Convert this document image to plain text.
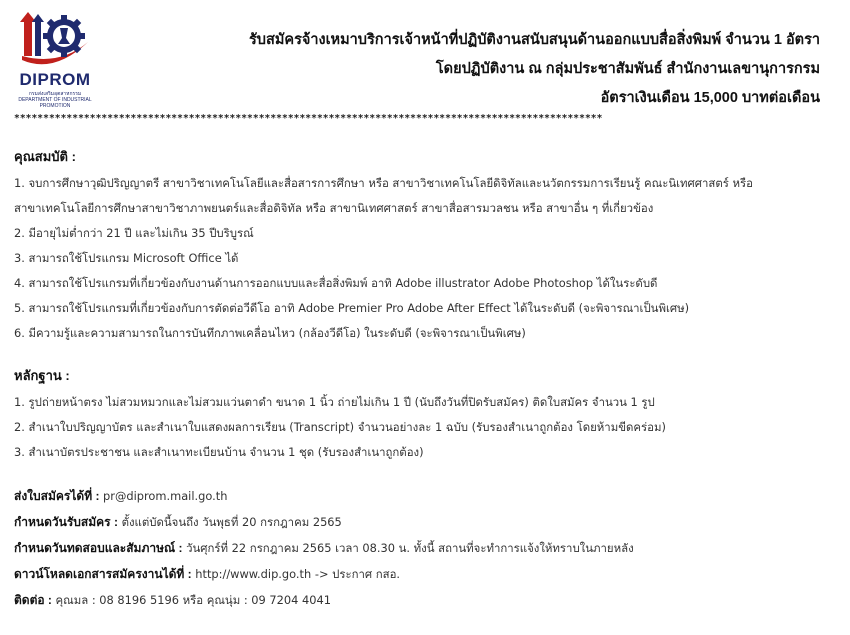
DIPROM
กรมส่งเสริมอุตสาหกรรม
DEPARTMENT OF INDUSTRIAL PROMOTION
รับสมัครจ้างเหมาบริการเจ้าหน้าที่ปฏิบัติงานสนับสนุนด้านออกแบบสื่อสิ่งพิมพ์ จำนวน 1 อัตรา
โดยปฏิบัติงาน ณ กลุ่มประชาสัมพันธ์ สำนักงานเลขานุการกรม
อัตราเงินเดือน 15,000 บาทต่อเดือน
*****************************************************************************************************
คุณสมบัติ :
1. จบการศึกษาวุฒิปริญญาตรี สาขาวิชาเทคโนโลยีและสื่อสารการศึกษา หรือ สาขาวิชาเทคโนโลยีดิจิทัลและนวัตกรรมการเรียนรู้ คณะนิเทศศาสตร์ หรือ
สาขาเทคโนโลยีการศึกษาสาขาวิชาภาพยนตร์และสื่อดิจิทัล หรือ สาขานิเทศศาสตร์ สาขาสื่อสารมวลชน หรือ สาขาอื่น ๆ ที่เกี่ยวข้อง
2. มีอายุไม่ต่ำกว่า 21 ปี และไม่เกิน 35 ปีบริบูรณ์
3. สามารถใช้โปรแกรม Microsoft Office ได้
4. สามารถใช้โปรแกรมที่เกี่ยวข้องกับงานด้านการออกแบบและสื่อสิ่งพิมพ์ อาทิ Adobe illustrator Adobe Photoshop ได้ในระดับดี
5. สามารถใช้โปรแกรมที่เกี่ยวข้องกับการตัดต่อวีดีโอ อาทิ Adobe Premier Pro Adobe After Effect ได้ในระดับดี (จะพิจารณาเป็นพิเศษ)
6. มีความรู้และความสามารถในการบันทึกภาพเคลื่อนไหว (กล้องวีดีโอ) ในระดับดี (จะพิจารณาเป็นพิเศษ)
หลักฐาน :
1. รูปถ่ายหน้าตรง ไม่สวมหมวกและไม่สวมแว่นตาดำ ขนาด 1 นิ้ว ถ่ายไม่เกิน 1 ปี (นับถึงวันที่ปิดรับสมัคร) ติดใบสมัคร จำนวน 1 รูป
2. สำเนาใบปริญญาบัตร และสำเนาใบแสดงผลการเรียน (Transcript) จำนวนอย่างละ 1 ฉบับ (รับรองสำเนาถูกต้อง โดยห้ามขีดคร่อม)
3. สำเนาบัตรประชาชน และสำเนาทะเบียนบ้าน จำนวน 1 ชุด (รับรองสำเนาถูกต้อง)
ส่งใบสมัครได้ที่ : pr@diprom.mail.go.th
กำหนดวันรับสมัคร : ตั้งแต่บัดนี้จนถึง วันพุธที่ 20 กรกฎาคม 2565
กำหนดวันทดสอบและสัมภาษณ์ : วันศุกร์ที่ 22 กรกฎาคม 2565 เวลา 08.30 น. ทั้งนี้ สถานที่จะทำการแจ้งให้ทราบในภายหลัง
ดาวน์โหลดเอกสารสมัครงานได้ที่ : http://www.dip.go.th -> ประกาศ กสอ.
ติดต่อ : คุณมล : 08 8196 5196 หรือ คุณนุ่ม : 09 7204 4041
